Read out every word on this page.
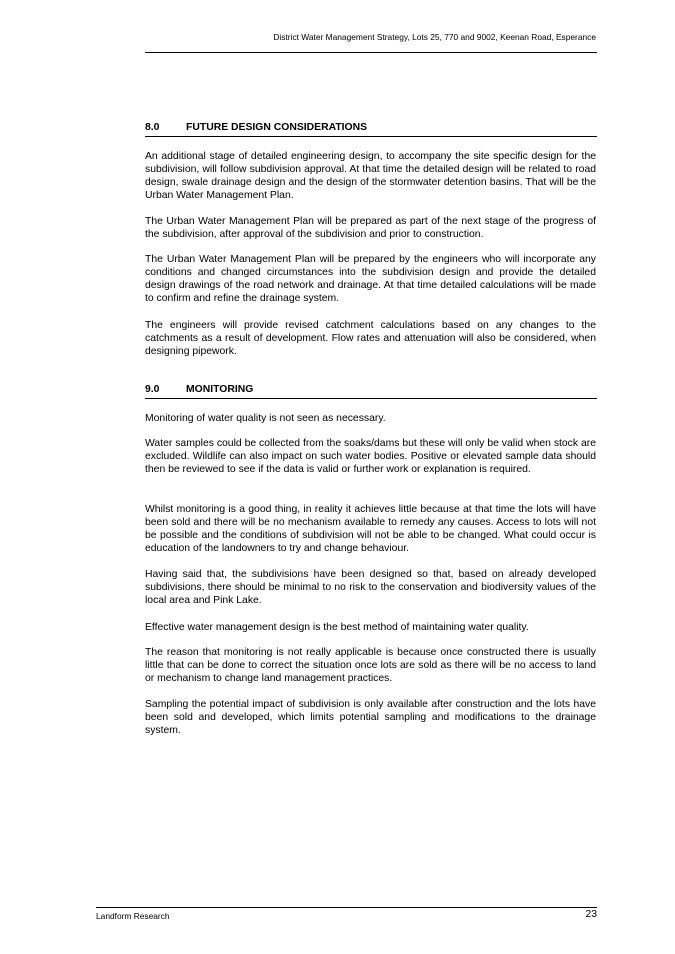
District Water Management Strategy, Lots 25, 770 and 9002, Keenan Road, Esperance
8.0	FUTURE DESIGN CONSIDERATIONS

An additional stage of detailed engineering design, to accompany the site specific design for the subdivision, will follow subdivision approval. At that time the detailed design will be related to road design, swale drainage design and the design of the stormwater detention basins. That will be the Urban Water Management Plan.

The Urban Water Management Plan will be prepared as part of the next stage of the progress of the subdivision, after approval of the subdivision and prior to construction.

The Urban Water Management Plan will be prepared by the engineers who will incorporate any conditions and changed circumstances into the subdivision design and provide the detailed design drawings of the road network and drainage. At that time detailed calculations will be made to confirm and refine the drainage system.

The engineers will provide revised catchment calculations based on any changes to the catchments as a result of development. Flow rates and attenuation will also be considered, when designing pipework.

9.0	MONITORING

Monitoring of water quality is not seen as necessary.

Water samples could be collected from the soaks/dams but these will only be valid when stock are excluded. Wildlife can also impact on such water bodies. Positive or elevated sample data should then be reviewed to see if the data is valid or further work or explanation is required.

Whilst monitoring is a good thing, in reality it achieves little because at that time the lots will have been sold and there will be no mechanism available to remedy any causes. Access to lots will not be possible and the conditions of subdivision will not be able to be changed. What could occur is education of the landowners to try and change behaviour.

Having said that, the subdivisions have been designed so that, based on already developed subdivisions, there should be minimal to no risk to the conservation and biodiversity values of the local area and Pink Lake.

Effective water management design is the best method of maintaining water quality.

The reason that monitoring is not really applicable is because once constructed there is usually little that can be done to correct the situation once lots are sold as there will be no access to land or mechanism to change land management practices.

Sampling the potential impact of subdivision is only available after construction and the lots have been sold and developed, which limits potential sampling and modifications to the drainage system.

Landform Research	23
